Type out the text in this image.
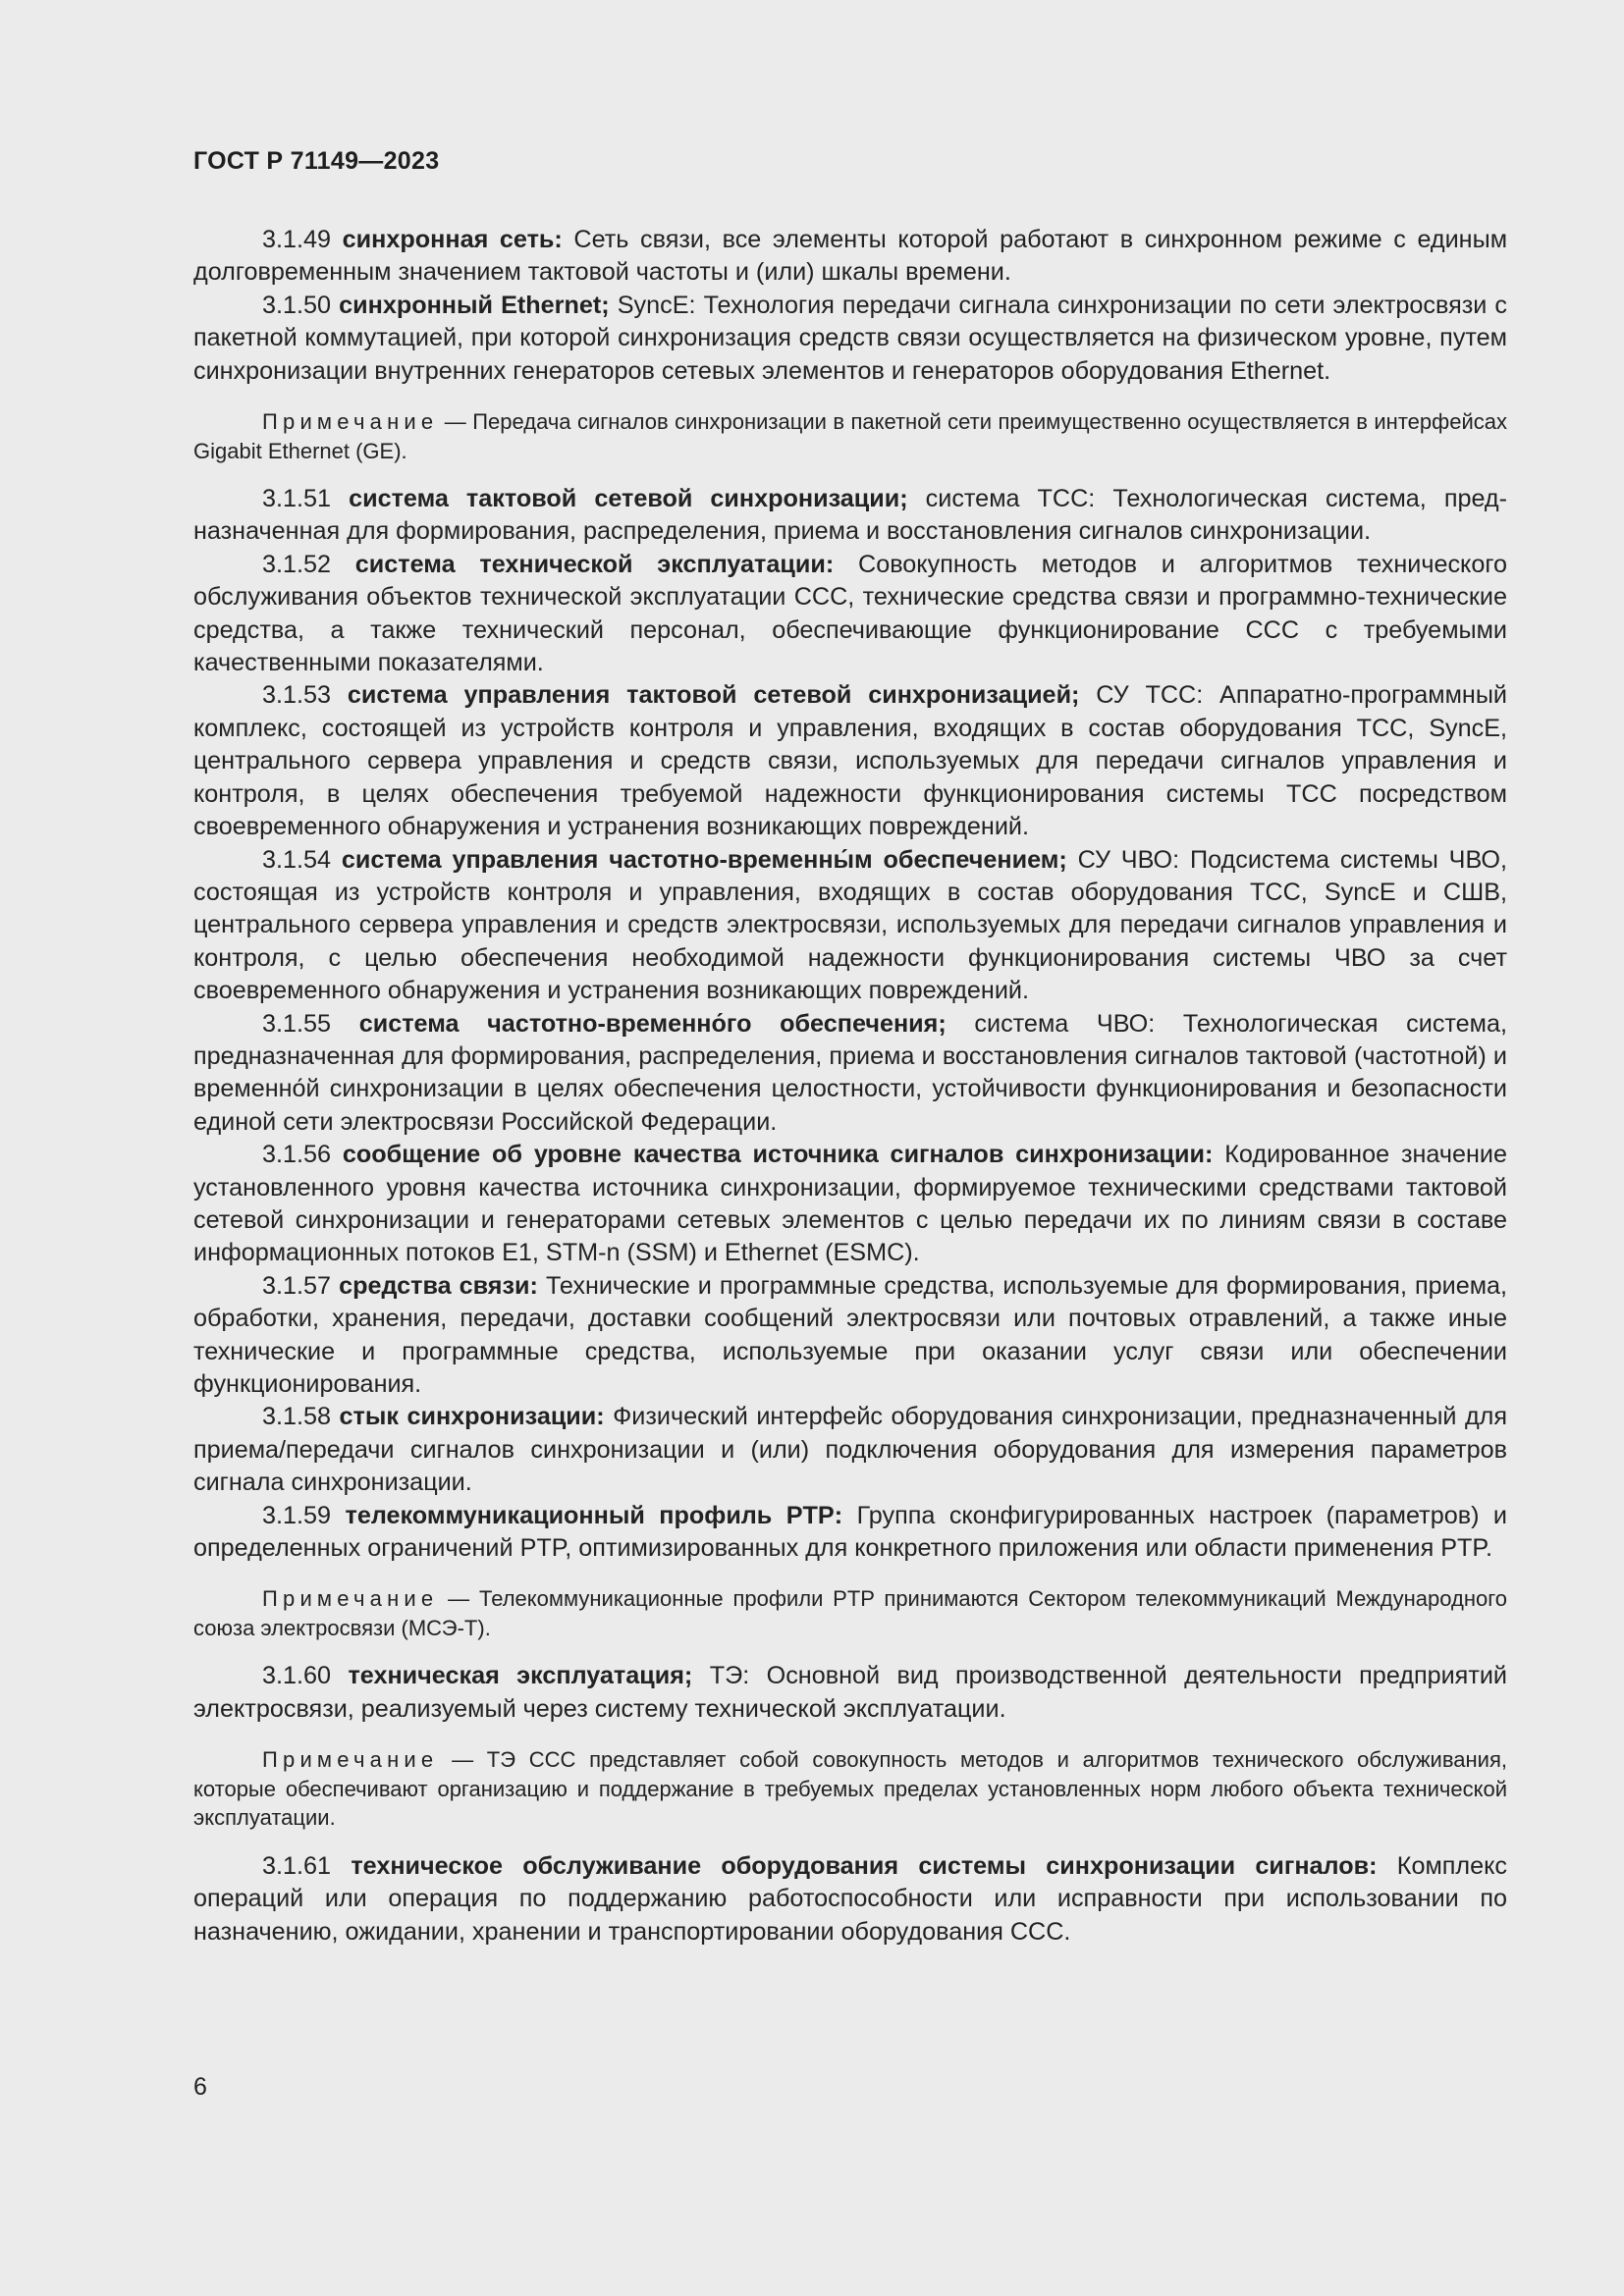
ГОСТ Р 71149—2023

3.1.49 синхронная сеть: Сеть связи, все элементы которой работают в синхронном режиме с единым долговременным значением тактовой частоты и (или) шкалы времени.

3.1.50 синхронный Ethernet; SyncE: Технология передачи сигнала синхронизации по сети электросвязи с пакетной коммутацией, при которой синхронизация средств связи осуществляется на физическом уровне, путем синхронизации внутренних генераторов сетевых элементов и генераторов оборудования Ethernet.

Примечание — Передача сигналов синхронизации в пакетной сети преимущественно осуществляется в интерфейсах Gigabit Ethernet (GE).

3.1.51 система тактовой сетевой синхронизации; система ТСС: Технологическая система, предназначенная для формирования, распределения, приема и восстановления сигналов синхронизации.

3.1.52 система технической эксплуатации: Совокупность методов и алгоритмов технического обслуживания объектов технической эксплуатации ССС, технические средства связи и программно-технические средства, а также технический персонал, обеспечивающие функционирование ССС с требуемыми качественными показателями.

3.1.53 система управления тактовой сетевой синхронизацией; СУ ТСС: Аппаратно-программный комплекс, состоящей из устройств контроля и управления, входящих в состав оборудования ТСС, SyncE, центрального сервера управления и средств связи, используемых для передачи сигналов управления и контроля, в целях обеспечения требуемой надежности функционирования системы ТСС посредством своевременного обнаружения и устранения возникающих повреждений.

3.1.54 система управления частотно-временны́м обеспечением; СУ ЧВО: Подсистема системы ЧВО, состоящая из устройств контроля и управления, входящих в состав оборудования ТСС, SyncE и СШВ, центрального сервера управления и средств электросвязи, используемых для передачи сигналов управления и контроля, с целью обеспечения необходимой надежности функционирования системы ЧВО за счет своевременного обнаружения и устранения возникающих повреждений.

3.1.55 система частотно-временно́го обеспечения; система ЧВО: Технологическая система, предназначенная для формирования, распределения, приема и восстановления сигналов тактовой (частотной) и временно́й синхронизации в целях обеспечения целостности, устойчивости функционирования и безопасности единой сети электросвязи Российской Федерации.

3.1.56 сообщение об уровне качества источника сигналов синхронизации: Кодированное значение установленного уровня качества источника синхронизации, формируемое техническими средствами тактовой сетевой синхронизации и генераторами сетевых элементов с целью передачи их по линиям связи в составе информационных потоков E1, STM-n (SSM) и Ethernet (ESMC).

3.1.57 средства связи: Технические и программные средства, используемые для формирования, приема, обработки, хранения, передачи, доставки сообщений электросвязи или почтовых отравлений, а также иные технические и программные средства, используемые при оказании услуг связи или обеспечении функционирования.

3.1.58 стык синхронизации: Физический интерфейс оборудования синхронизации, предназначенный для приема/передачи сигналов синхронизации и (или) подключения оборудования для измерения параметров сигнала синхронизации.

3.1.59 телекоммуникационный профиль PTP: Группа сконфигурированных настроек (параметров) и определенных ограничений PTP, оптимизированных для конкретного приложения или области применения PTP.

Примечание — Телекоммуникационные профили PTP принимаются Сектором телекоммуникаций Международного союза электросвязи (МСЭ-Т).

3.1.60 техническая эксплуатация; ТЭ: Основной вид производственной деятельности предприятий электросвязи, реализуемый через систему технической эксплуатации.

Примечание — ТЭ ССС представляет собой совокупность методов и алгоритмов технического обслуживания, которые обеспечивают организацию и поддержание в требуемых пределах установленных норм любого объекта технической эксплуатации.

3.1.61 техническое обслуживание оборудования системы синхронизации сигналов: Комплекс операций или операция по поддержанию работоспособности или исправности при использовании по назначению, ожидании, хранении и транспортировании оборудования ССС.

6
